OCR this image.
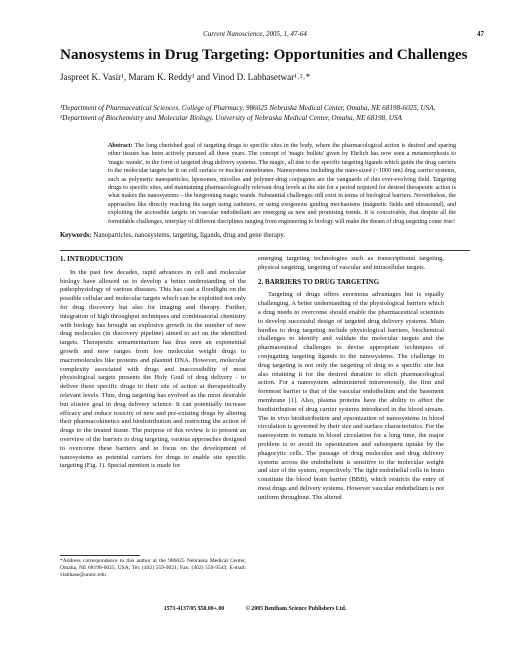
Current Nanoscience, 2005, 1, 47-64	47
Nanosystems in Drug Targeting: Opportunities and Challenges
Jaspreet K. Vasir¹, Maram K. Reddy¹ and Vinod D. Labhasetwar¹˒²˒*
¹Department of Pharmaceutical Sciences, College of Pharmacy, 986025 Nebraska Medical Center, Omaha, NE 68198-6025, USA, ²Department of Biochemistry and Molecular Biology, University of Nebraska Medical Center, Omaha, NE 68198, USA
Abstract: The long cherished goal of targeting drugs to specific sites in the body, where the pharmacological action is desired and sparing other tissues has been actively pursued all these years. The concept of 'magic bullets' given by Ehrlich has now seen a metamorphosis to 'magic wands', in the form of targeted drug delivery systems. The magic, all due to the specific targeting ligands which guide the drug carriers to the molecular targets be it on cell surface or nuclear membranes. Nanosystems including the nano-sized (<1000 nm) drug carrier systems, such as polymeric nanoparticles, liposomes, micelles and polymer-drug conjugates are the vanguards of this ever-evolving field. Targeting drugs to specific sites, and maintaining pharmacologically relevant drug levels at the site for a period required for desired therapeutic action is what makes the nanosystems – the burgeoning magic wands. Substantial challenges still exist in terms of biological barriers. Nevertheless, the approaches like directly reaching the target using catheters, or using exogenous guiding mechanisms (magnetic fields and ultrasound), and exploiting the accessible targets on vascular endothelium are emerging as new and promising trends. It is conceivable, that despite all the formidable challenges, interplay of different disciplines ranging from engineering to biology will make the dream of drug targeting come true!
Keywords: Nanoparticles, nanosystems, targeting, ligands, drug and gene therapy.
1. INTRODUCTION

In the past few decades, rapid advances in cell and molecular biology have allowed us to develop a better understanding of the pathophysiology of various diseases. This has cast a floodlight on the possible cellular and molecular targets which can be exploited not only for drug discovery but also for imaging and therapy. Further, integration of high throughput techniques and combinatorial chemistry with biology has brought an explosive growth in the number of new drug molecules (in discovery pipeline) aimed to act on the identified targets. Therapeutic armamentarium has thus seen an exponential growth and now ranges from low molecular weight drugs to macromolecules like proteins and plasmid DNA. However, molecular complexity associated with drugs and inaccessibility of most physiological targets presents the Holy Grail of drug delivery - to deliver these specific drugs to their site of action at therapeutically relevant levels. Thus, drug targeting has evolved as the most desirable but elusive goal in drug delivery science. It can potentially increase efficacy and reduce toxicity of new and pre-existing drugs by altering their pharmacokinetics and biodistribution and restricting the action of drugs to the treated tissue. The purpose of this review is to present an overview of the barriers to drug targeting, various approaches designed to overcome these barriers and to focus on the development of nanosystems as potential carriers for drugs to enable site specific targeting (Fig. 1). Special mention is made for

emerging targeting technologies such as transcriptional targeting, physical targeting, targeting of vascular and intracellular targets.

2. BARRIERS TO DRUG TARGETING

Targeting of drugs offers enormous advantages but is equally challenging. A better understanding of the physiological barriers which a drug needs to overcome should enable the pharmaceutical scientists to develop successful design of targeted drug delivery systems. Main hurdles to drug targeting include physiological barriers, biochemical challenges to identify and validate the molecular targets and the pharmaceutical challenges to devise appropriate techniques of conjugating targeting ligands to the nanosystems. The challenge in drug targeting is not only the targeting of drug to a specific site but also retaining it for the desired duration to elicit pharmacological action. For a nanosystem administered intravenously, the first and foremost barrier is that of the vascular endothelium and the basement membrane [1]. Also, plasma proteins have the ability to affect the biodistribution of drug carrier systems introduced in the blood stream. The in vivo biodistribution and opsonization of nanosystems in blood circulation is governed by their size and surface characteristics. For the nanosystem to remain in blood circulation for a long time, the major problem is to avoid its opsonization and subsequent uptake by the phagocytic cells. The passage of drug molecules and drug delivery systems across the endothelium is sensitive to the molecular weight and size of the system, respectively. The tight endothelial cells in brain constitute the blood brain barrier (BBB), which restricts the entry of most drugs and delivery systems. However vascular endothelium is not uniform throughout. The altered

*Address correspondence to this author at the 986025 Nebraska Medical Center, Omaha, NE 68198-6025, USA; Tel: (402) 559-9021; Fax: (402) 559-9543; E-mail: vlabhase@unmc.edu
1573-4137/05 $50.00+.00	© 2005 Bentham Science Publishers Ltd.
